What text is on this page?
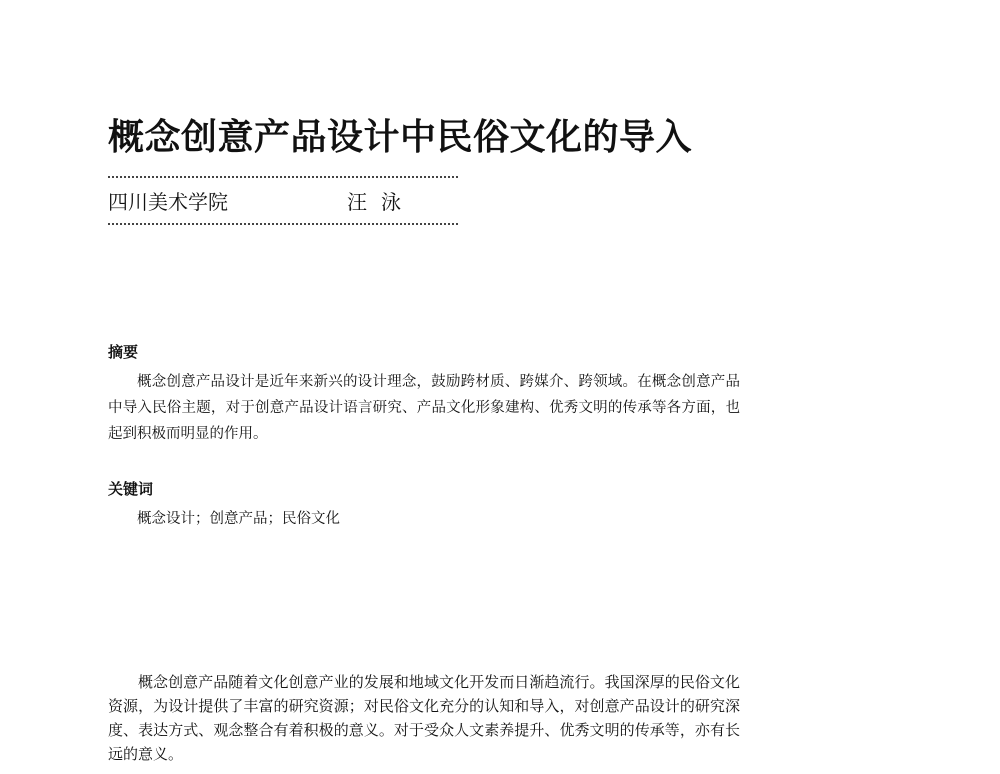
概念创意产品设计中民俗文化的导入
四川美术学院	汪泳
摘要

概念创意产品设计是近年来新兴的设计理念，鼓励跨材质、跨媒介、跨领域。在概念创意产品中导入民俗主题，对于创意产品设计语言研究、产品文化形象建构、优秀文明的传承等各方面，也起到积极而明显的作用。

关键词

概念设计；创意产品；民俗文化

概念创意产品随着文化创意产业的发展和地域文化开发而日渐趋流行。我国深厚的民俗文化资源，为设计提供了丰富的研究资源；对民俗文化充分的认知和导入，对创意产品设计的研究深度、表达方式、观念整合有着积极的意义。对于受众人文素养提升、优秀文明的传承等，亦有长远的意义。
